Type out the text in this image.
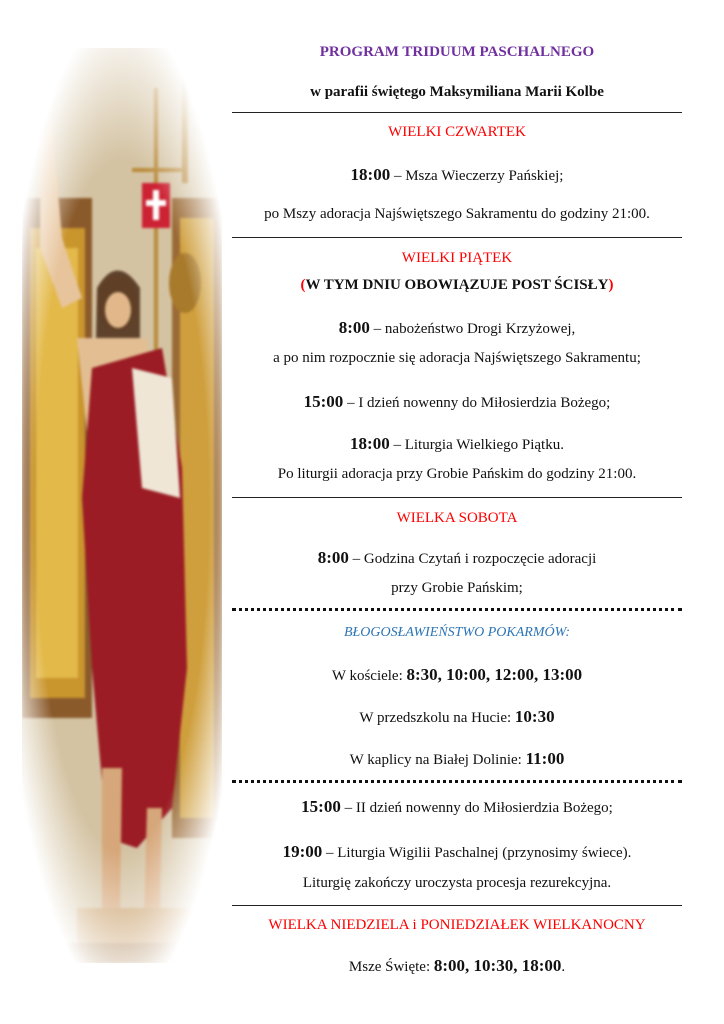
PROGRAM TRIDUUM PASCHALNEGO
w parafii świętego Maksymiliana Marii Kolbe
WIELKI CZWARTEK
18:00 – Msza Wieczerzy Pańskiej;
po Mszy adoracja Najświętszego Sakramentu do godziny 21:00.
WIELKI PIĄTEK
(W TYM DNIU OBOWIĄZUJE POST ŚCISŁY)
8:00 – nabożeństwo Drogi Krzyżowej,
a po nim rozpocznie się adoracja Najświętszego Sakramentu;
15:00 – I dzień nowenny do Miłosierdzia Bożego;
18:00 – Liturgia Wielkiego Piątku.
Po liturgii adoracja przy Grobie Pańskim do godziny 21:00.
WIELKA SOBOTA
8:00 – Godzina Czytań i rozpoczęcie adoracji
przy Grobie Pańskim;
BŁOGOSŁAWIEŃSTWO POKARMÓW:
W kościele: 8:30, 10:00, 12:00, 13:00
W przedszkolu na Hucie: 10:30
W kaplicy na Białej Dolinie: 11:00
15:00 – II dzień nowenny do Miłosierdzia Bożego;
19:00 – Liturgia Wigilii Paschalnej (przynosimy świece).
Liturgię zakończy uroczysta procesja rezurekcyjna.
WIELKA NIEDZIELA i PONIEDZIAŁEK WIELKANOCNY
Msze Święte: 8:00, 10:30, 18:00.
